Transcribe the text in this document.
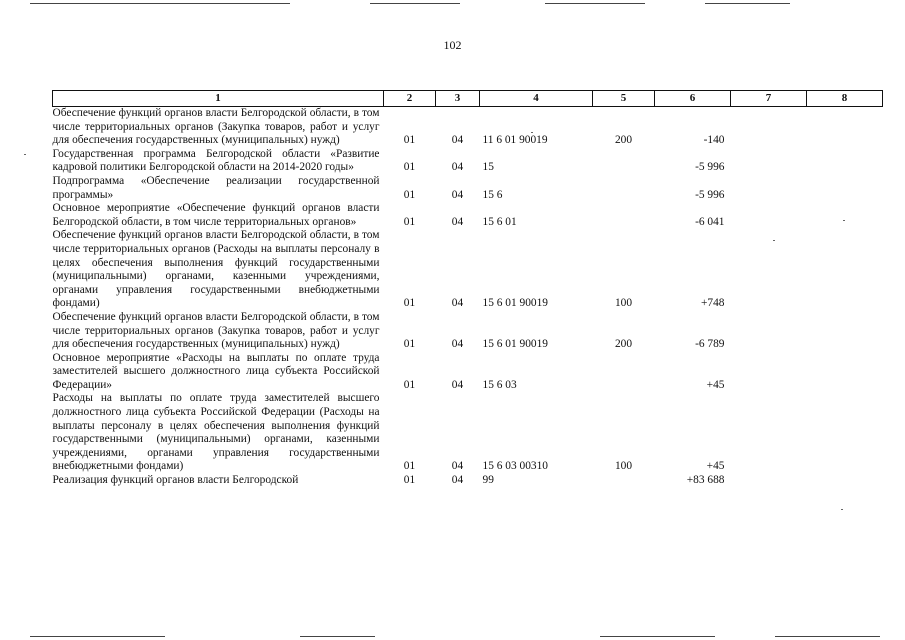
102
1	2	3	4	5	6	7	8
Обеспечение функций органов власти Белгородской области, в том числе территориальных органов (Закупка товаров, работ и услуг для обеспечения государственных (муниципальных) нужд)	01	04	11 6 01 90019	200	-140		
Государственная программа Белгородской области «Развитие кадровой политики Белгородской области на 2014-2020 годы»	01	04	15		-5 996		
Подпрограмма «Обеспечение реализации государственной программы»	01	04	15 6		-5 996		
Основное мероприятие «Обеспечение функций органов власти Белгородской области, в том числе территориальных органов»	01	04	15 6 01		-6 041		
Обеспечение функций органов власти Белгородской области, в том числе территориальных органов (Расходы на выплаты персоналу в целях обеспечения выполнения функций государственными (муниципальными) органами, казенными учреждениями, органами управления государственными внебюджетными фондами)	01	04	15 6 01 90019	100	+748		
Обеспечение функций органов власти Белгородской области, в том числе территориальных органов (Закупка товаров, работ и услуг для обеспечения государственных (муниципальных) нужд)	01	04	15 6 01 90019	200	-6 789		
Основное мероприятие «Расходы на выплаты по оплате труда заместителей высшего должностного лица субъекта Российской Федерации»	01	04	15 6 03		+45		
Расходы на выплаты по оплате труда заместителей высшего должностного лица субъекта Российской Федерации (Расходы на выплаты персоналу в целях обеспечения выполнения функций государственными (муниципальными) органами, казенными учреждениями, органами управления государственными внебюджетными фондами)	01	04	15 6 03 00310	100	+45		
Реализация функций органов власти Белгородской	01	04	99		+83 688		
